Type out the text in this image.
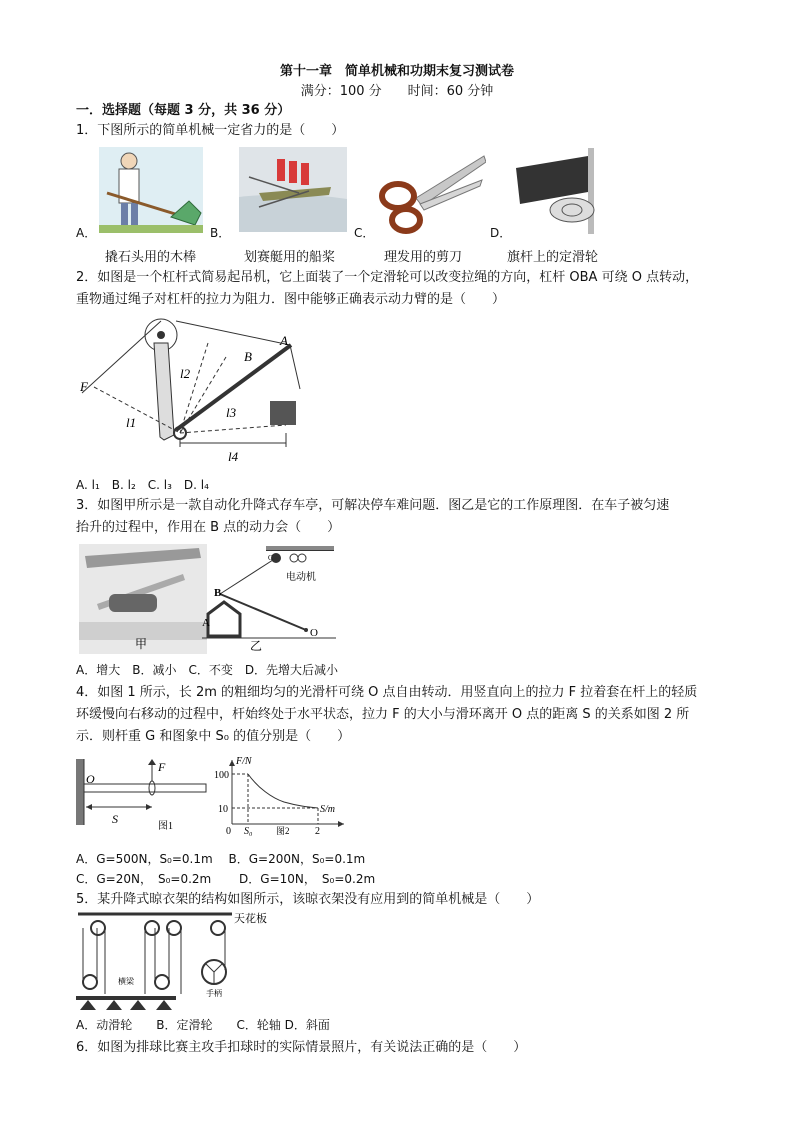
第十一章　简单机械和功期末复习测试卷
满分：100 分　　时间：60 分钟
一．选择题（每题 3 分，共 36 分）
1．下图所示的简单机械一定省力的是（　　）
A．	B．	C．	D．
撬石头用的木棒	划赛艇用的船桨	理发用的剪刀	旗杆上的定滑轮
2．如图是一个杠杆式简易起吊机，它上面装了一个定滑轮可以改变拉绳的方向，杠杆 OBA 可绕 O 点转动，
重物通过绳子对杠杆的拉力为阻力．图中能够正确表示动力臂的是（　　）
F
l2
l1
l3
l4
B
A
A. l₁　B. l₂　C. l₃　D. l₄
3．如图甲所示是一款自动化升降式存车亭，可解决停车难问题．图乙是它的工作原理图．在车子被匀速
抬升的过程中，作用在 B 点的动力会（　　）
甲
C
B
A
O
电动机
乙
A．增大　B．减小　C．不变　D．先增大后减小
4．如图 1 所示，长 2m 的粗细均匀的光滑杆可绕 O 点自由转动．用竖直向上的拉力 F 拉着套在杆上的轻质
环缓慢向右移动的过程中，杆始终处于水平状态，拉力 F 的大小与滑环离开 O 点的距离 S 的关系如图 2 所
示．则杆重 G 和图象中 S₀ 的值分别是（　　）
O
F
S
图1
F/N
S/m
100
10
0 S₀	2
图2
A．G=500N，S₀=0.1m　 B．G=200N，S₀=0.1m
C．G=20N，　S₀=0.2m　　 D．G=10N，　S₀=0.2m
5．某升降式晾衣架的结构如图所示，该晾衣架没有应用到的简单机械是（　　）
天花板
横梁
手柄
A．动滑轮　　B．定滑轮　　C．轮轴 D．斜面
6．如图为排球比赛主攻手扣球时的实际情景照片，有关说法正确的是（　　）
